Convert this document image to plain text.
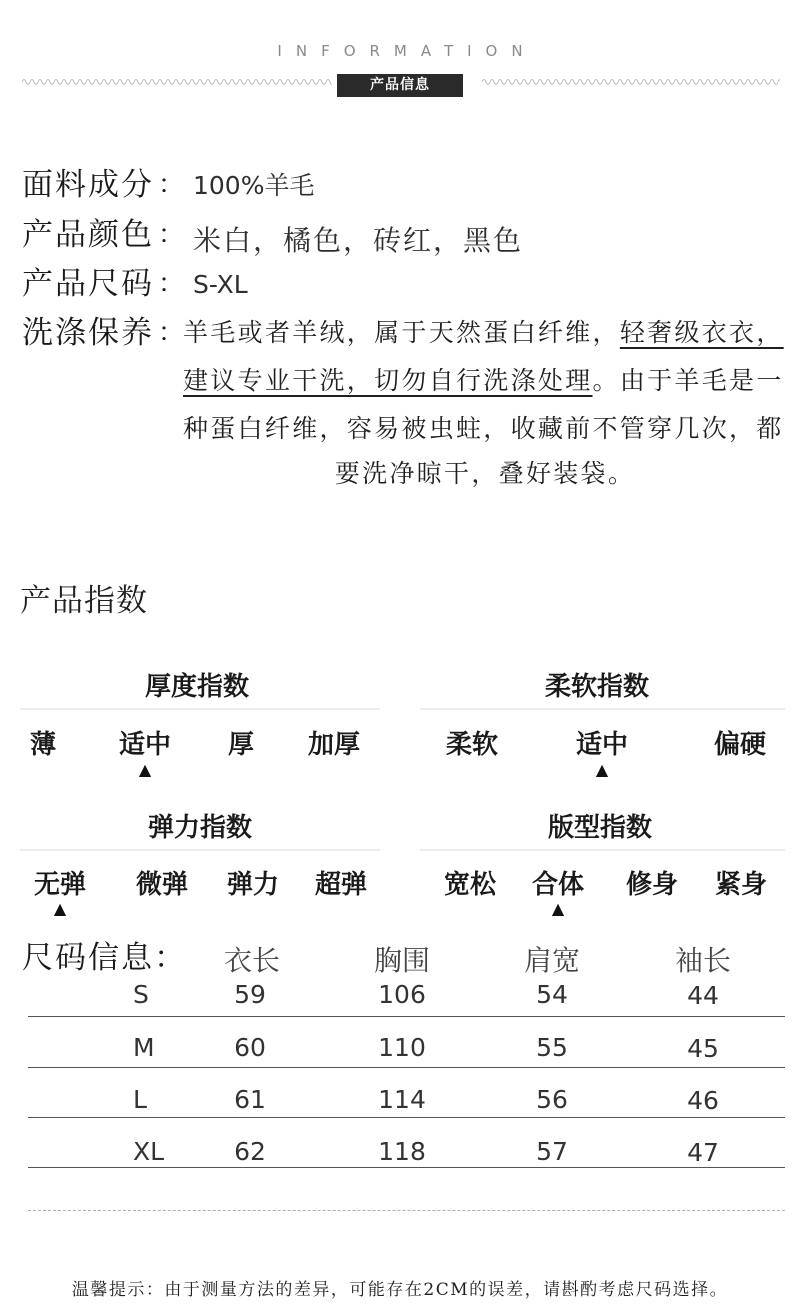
INFORMATION
产品信息
面料成分 ： 100%羊毛
产品颜色 ： 米白，橘色，砖红，黑色
产品尺码 ： S-XL
洗涤保养 ： 羊毛或者羊绒，属于天然蛋白纤维，轻奢级衣衣，
建议专业干洗，切勿自行洗涤处理。由于羊毛是一
种蛋白纤维，容易被虫蛀，收藏前不管穿几次，都
要洗净晾干，叠好装袋。
产品指数
厚度指数
薄 适中 厚 加厚
▲
柔软指数
柔软	适中	偏硬
▲
弹力指数
无弹 微弹 弹力 超弹
▲
版型指数
宽松 合体 修身 紧身
▲
尺码信息：	衣长	胸围	肩宽	袖长
S	59	106	54	44
M	60	110	55	45
L	61	114	56	46
XL	62	118	57	47
温馨提示：由于测量方法的差异，可能存在2CM的误差，请斟酌考虑尺码选择。
